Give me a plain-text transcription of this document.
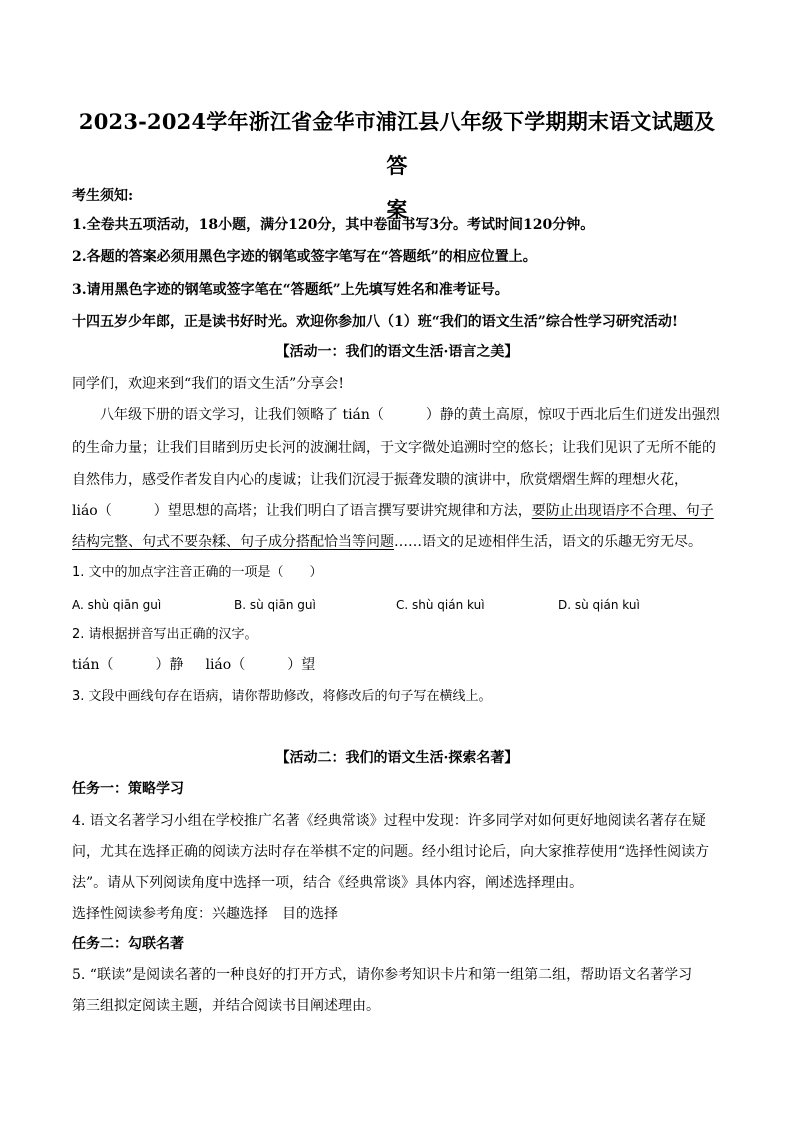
2023-2024学年浙江省金华市浦江县八年级下学期期末语文试题及答
案
考生须知:
1.全卷共五项活动，18小题，满分120分，其中卷面书写3分。考试时间120分钟。
2.各题的答案必须用黑色字迹的钢笔或签字笔写在“答题纸”的相应位置上。
3.请用黑色字迹的钢笔或签字笔在“答题纸”上先填写姓名和准考证号。
十四五岁少年郎，正是读书好时光。欢迎你参加八（1）班“我们的语文生活”综合性学习研究活动!
【活动一：我们的语文生活·语言之美】
同学们，欢迎来到“我们的语文生活”分享会!
八年级下册的语文学习，让我们领略了 tián（　　　）静的黄土高原，惊叹于西北后生们迸发出强烈
的生命力量；让我们目睹到历史长河的波澜壮阔，于文字微处追溯时空的悠长；让我们见识了无所不能的
自然伟力，感受作者发自内心的虔诚；让我们沉浸于振聋发聩的演讲中，欣赏熠熠生辉的理想火花，
liáo（　　　）望思想的高塔；让我们明白了语言撰写要讲究规律和方法，要防止出现语序不合理、句子
结构完整、句式不要杂糅、句子成分搭配恰当等问题……语文的足迹相伴生活，语文的乐趣无穷无尽。
1. 文中的加点字注音正确的一项是（　　）
A. shù qiān guì	B. sù qiān guì	C. shù qián kuì	D. sù qián kuì
2. 请根据拼音写出正确的汉字。
tián（　　　）静 liáo（　　　）望
3. 文段中画线句存在语病，请你帮助修改，将修改后的句子写在横线上。
【活动二：我们的语文生活·探索名著】
任务一：策略学习
4. 语文名著学习小组在学校推广名著《经典常谈》过程中发现：许多同学对如何更好地阅读名著存在疑
问，尤其在选择正确的阅读方法时存在举棋不定的问题。经小组讨论后，向大家推荐使用“选择性阅读方
法”。请从下列阅读角度中选择一项，结合《经典常谈》具体内容，阐述选择理由。
选择性阅读参考角度：兴趣选择　目的选择
任务二：勾联名著
5. “联读”是阅读名著的一种良好的打开方式，请你参考知识卡片和第一组第二组，帮助语文名著学习
第三组拟定阅读主题，并结合阅读书目阐述理由。
